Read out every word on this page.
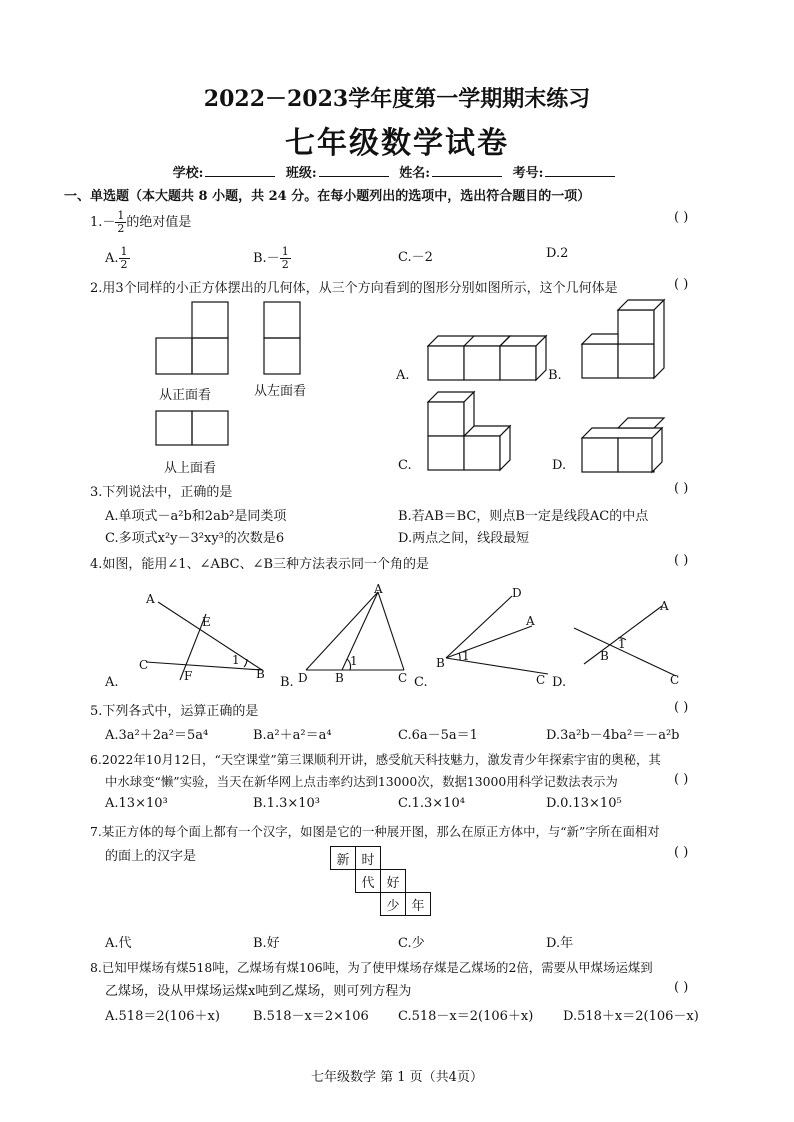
2022－2023学年度第一学期期末练习
七年级数学试卷
学校:	班级:	姓名:	考号:
一、单选题（本大题共 8 小题，共 24 分。在每小题列出的选项中，选出符合题目的一项）
$1.- \frac{1}{2}$ 的绝对值是	( )
A. $\frac{1}{2}$	$B.- \frac{1}{2}$	C.－2	D.2
2.用3个同样的小正方体摆出的几何体，从三个方向看到的图形分别如图所示，这个几何体是	( )
从正面看	从左面看
从上面看
A.	B.
C.	D.
3.下列说法中，正确的是	( )
A.单项式－a²b和2ab²是同类项	B.若AB＝BC，则点B一定是线段AC的中点
C.多项式x²y－3²xy³的次数是6	D.两点之间，线段最短
4.如图，能用∠1、∠ABC、∠B三种方法表示同一个角的是	( )
A
E
C
F
1
B
A
D B
1
C
D
A
B 1
C
A
B
1
C
A.	B.	C.	D.
5.下列各式中，运算正确的是	( )
A.3a²＋2a²＝5a⁴	B.a²＋a²＝a⁴	C.6a－5a＝1	D.3a²b－4ba²＝－a²b
6.2022年10月12日，“天空课堂”第三课顺利开讲，感受航天科技魅力，激发青少年探索宇宙的奥秘，其
中水球变“懒”实验，当天在新华网上点击率约达到13000次，数据13000用科学记数法表示为	( )
A.13×10³	B.1.3×10³	C.1.3×10⁴	D.0.13×10⁵
7.某正方体的每个面上都有一个汉字，如图是它的一种展开图，那么在原正方体中，与“新”字所在面相对
的面上的汉字是	( )
新	时		
	代	好	
		少	年
A.代	B.好	C.少	D.年
8.已知甲煤场有煤518吨，乙煤场有煤106吨，为了使甲煤场存煤是乙煤场的2倍，需要从甲煤场运煤到
乙煤场，设从甲煤场运煤x吨到乙煤场，则可列方程为	( )
A.518＝2(106＋x)	B.518－x＝2×106 C.518－x＝2(106＋x) D.518＋x＝2(106－x)
七年级数学 第 1 页（共4页）
